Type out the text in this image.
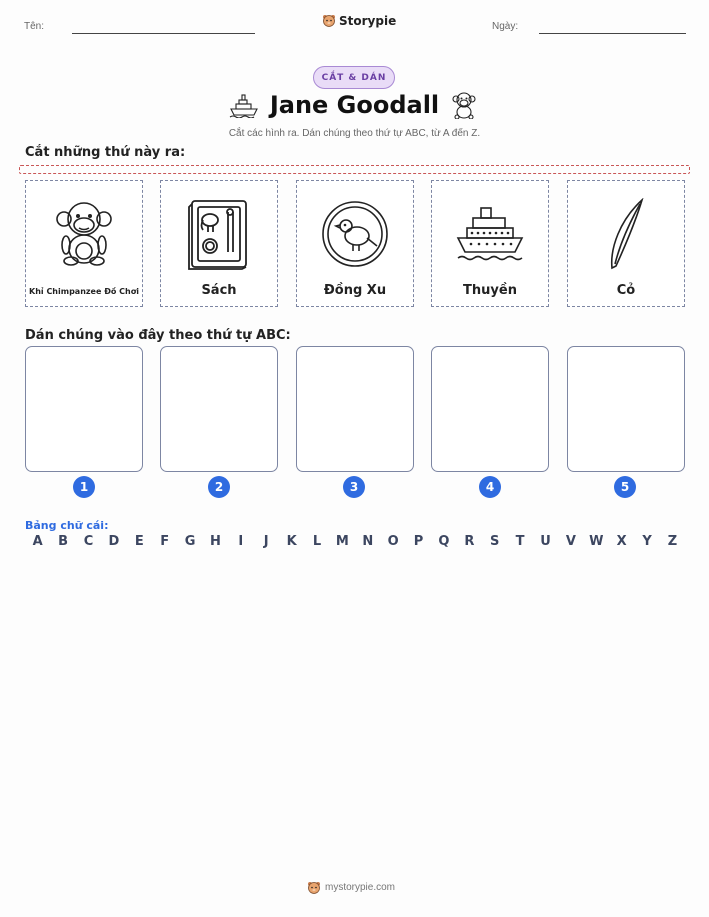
Tên:	Storypie	Ngày:
CẮT & DÁN
Jane Goodall
Cắt các hình ra. Dán chúng theo thứ tự ABC, từ A đến Z.
Cắt những thứ này ra:
Khỉ Chimpanzee Đồ Chơi	Sách	Đồng Xu	Thuyền	Cỏ
Dán chúng vào đây theo thứ tự ABC:
1	2	3	4	5
Bảng chữ cái:
A	B	C	D	E	F	G	H	I	J	K	L	M	N	O	P	Q	R	S	T	U	V	W	X	Y	Z
mystorypie.com
